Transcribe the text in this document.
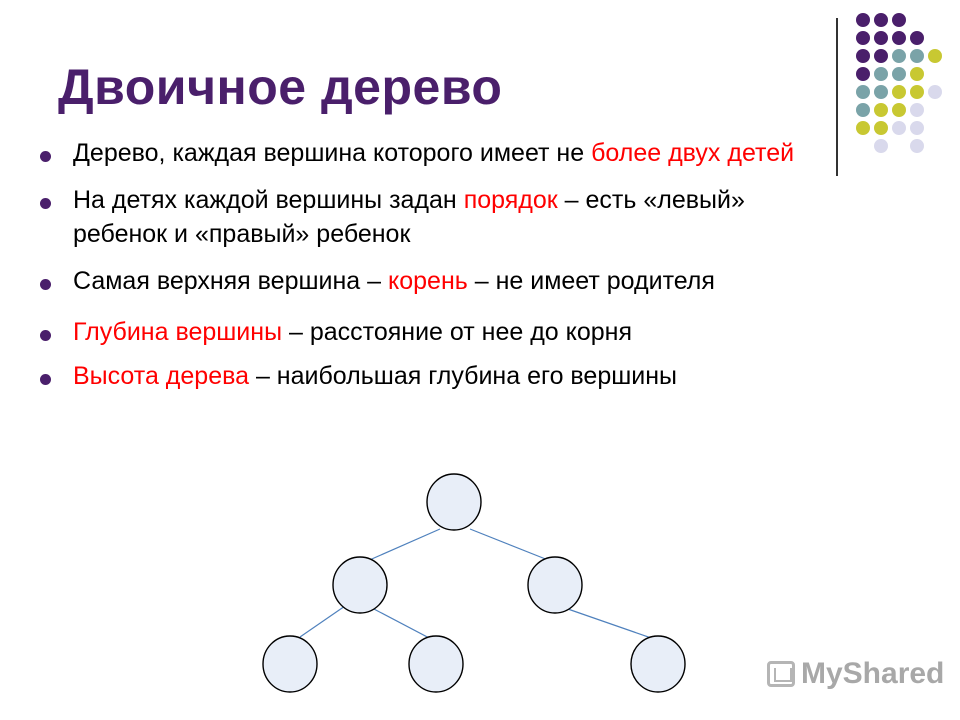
Двоичное дерево
Дерево, каждая вершина которого имеет не более двух детей
На детях каждой вершины задан порядок – есть «левый» ребенок и «правый» ребенок
Самая верхняя вершина – корень – не имеет родителя
Глубина вершины – расстояние от нее до корня
Высота дерева – наибольшая глубина его вершины
MyShared
